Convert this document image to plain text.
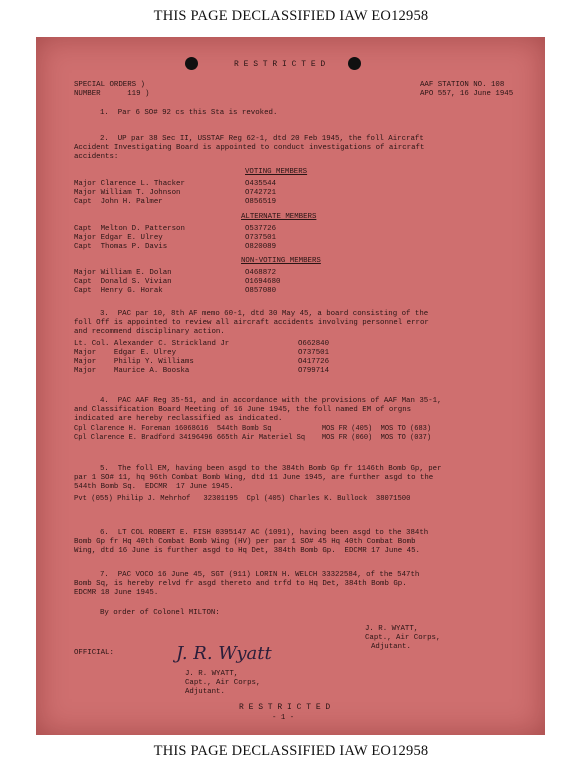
THIS PAGE DECLASSIFIED IAW EO12958
R E S T R I C T E D
SPECIAL ORDERS )
NUMBER      119 )
AAF STATION NO. 108
APO 557, 16 June 1945
1.  Par 6 SO# 92 cs this Sta is revoked.
2.  UP par 38 Sec II, USSTAF Reg 62-1, dtd 20 Feb 1945, the foll Aircraft
Accident Investigating Board is appointed to conduct investigations of aircraft
accidents:
VOTING MEMBERS
Major Clarence L. Thacker	O435544
Major William T. Johnson	O742721
Capt  John H. Palmer	O856519
ALTERNATE MEMBERS
Capt  Melton D. Patterson	O537726
Major Edgar E. Ulrey	O737501
Capt  Thomas P. Davis	O820089
NON-VOTING MEMBERS
Major William E. Dolan	O468872
Capt  Donald S. Vivian	O1694680
Capt  Henry G. Horak	O857080
3.  PAC par 10, 8th AF memo 60-1, dtd 30 May 45, a board consisting of the
foll Off is appointed to review all aircraft accidents involving personnel error
and recommend disciplinary action.
Lt. Col. Alexander C. Strickland Jr	O662840
Major    Edgar E. Ulrey	O737501
Major    Philip Y. Williams	O417726
Major    Maurice A. Booska	O799714
4.  PAC AAF Reg 35-51, and in accordance with the provisions of AAF Man 35-1,
and Classification Board Meeting of 16 June 1945, the foll named EM of orgns
indicated are hereby reclassified as indicated.
Cpl Clarence H. Foreman 16068616  544th Bomb Sq            MOS FR (405)  MOS TO (683)
Cpl Clarence E. Bradford 34196496 665th Air Materiel Sq    MOS FR (060)  MOS TO (037)
5.  The foll EM, having been asgd to the 384th Bomb Gp fr 1146th Bomb Gp, per
par 1 SO# 11, hq 96th Combat Bomb Wing, dtd 11 June 1945, are further asgd to the
544th Bomb Sq.  EDCMR  17 June 1945.
Pvt (055) Philip J. Mehrhof   32301195  Cpl (405) Charles K. Bullock  38071500
6.  LT COL ROBERT E. FISH 0395147 AC (1091), having been asgd to the 384th
Bomb Gp fr Hq 40th Combat Bomb Wing (HV) per par 1 SO# 45 Hq 40th Combat Bomb
Wing, dtd 16 June is further asgd to Hq Det, 384th Bomb Gp.  EDCMR 17 June 45.
7.  PAC VOCO 16 June 45, SGT (911) LORIN H. WELCH 33322584, of the 547th
Bomb Sq, is hereby relvd fr asgd thereto and trfd to Hq Det, 384th Bomb Gp.
EDCMR 18 June 1945.
By order of Colonel MILTON:
J. R. WYATT,
Capt., Air Corps,
Adjutant.
OFFICIAL:	J. R. Wyatt
J. R. WYATT,
Capt., Air Corps,
Adjutant.
R E S T R I C T E D
- 1 -
THIS PAGE DECLASSIFIED IAW EO12958
